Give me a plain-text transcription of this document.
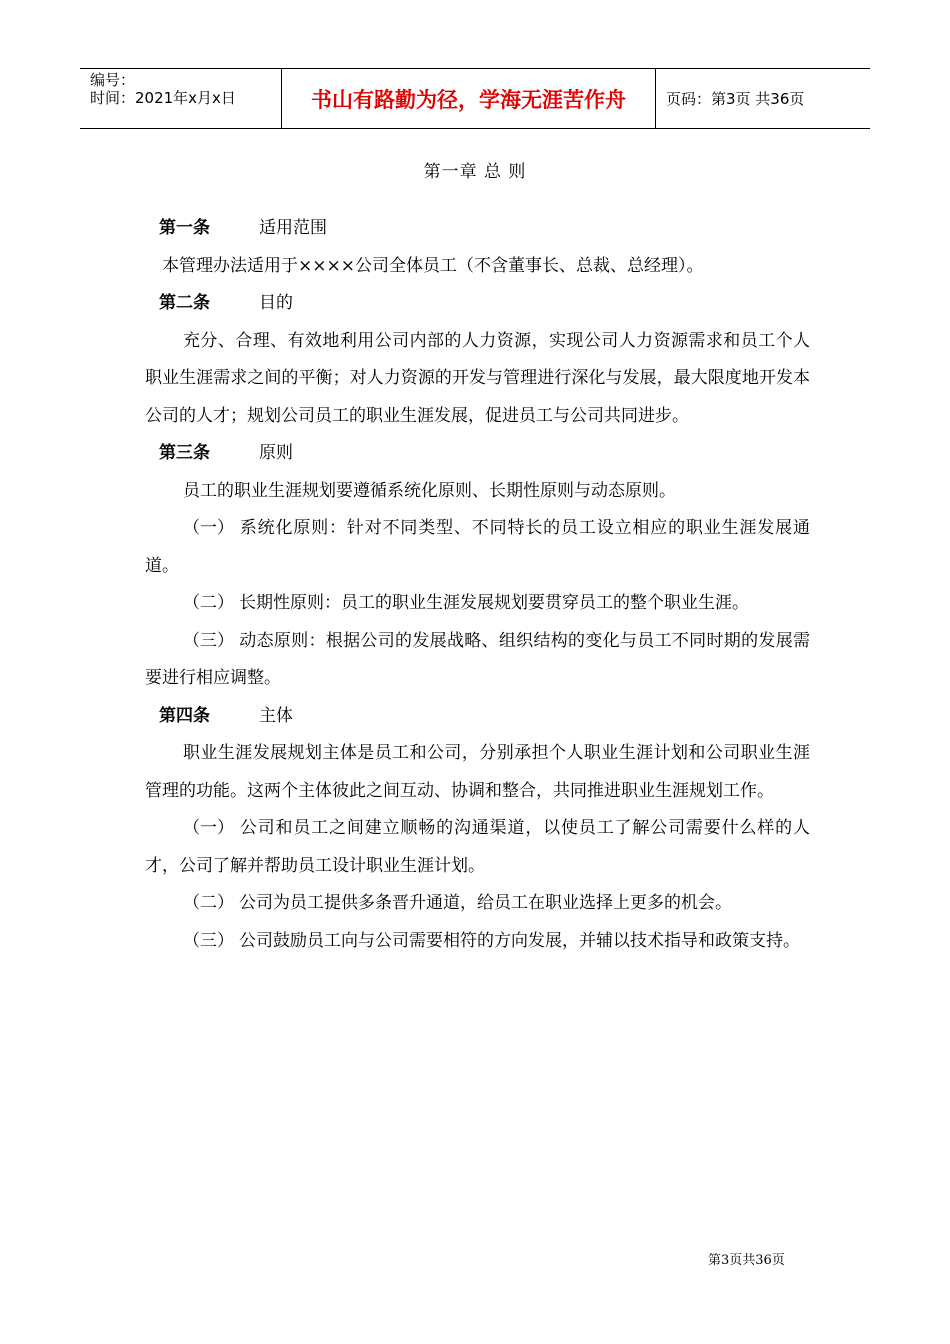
编号：
时间：2021年x月x日	书山有路勤为径，学海无涯苦作舟	页码：第3页 共36页
第一章 总 则

第一条	适用范围

本管理办法适用于××××公司全体员工（不含董事长、总裁、总经理）。

第二条	目的

充分、合理、有效地利用公司内部的人力资源，实现公司人力资源需求和员工个人职业生涯需求之间的平衡；对人力资源的开发与管理进行深化与发展，最大限度地开发本公司的人才；规划公司员工的职业生涯发展，促进员工与公司共同进步。

第三条	原则

员工的职业生涯规划要遵循系统化原则、长期性原则与动态原则。

（一） 系统化原则：针对不同类型、不同特长的员工设立相应的职业生涯发展通道。

（二） 长期性原则：员工的职业生涯发展规划要贯穿员工的整个职业生涯。

（三） 动态原则：根据公司的发展战略、组织结构的变化与员工不同时期的发展需要进行相应调整。

第四条	主体

职业生涯发展规划主体是员工和公司，分别承担个人职业生涯计划和公司职业生涯管理的功能。这两个主体彼此之间互动、协调和整合，共同推进职业生涯规划工作。

（一） 公司和员工之间建立顺畅的沟通渠道，以使员工了解公司需要什么样的人才，公司了解并帮助员工设计职业生涯计划。

（二） 公司为员工提供多条晋升通道，给员工在职业选择上更多的机会。

（三） 公司鼓励员工向与公司需要相符的方向发展，并辅以技术指导和政策支持。

第3页共36页
